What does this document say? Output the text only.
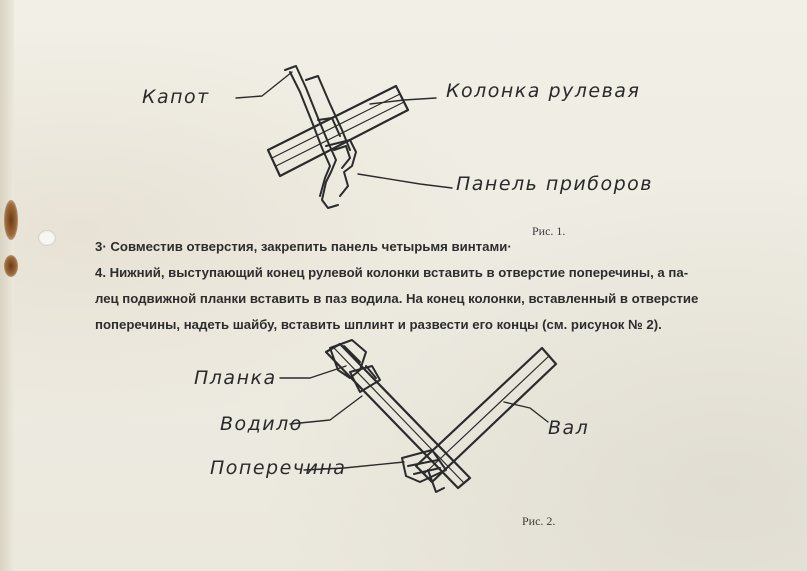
Капот	Колонка рулевая
Панель приборов
Планка
Водило
Поперечина
Вал
Рис. 1.
3· Совместив отверстия, закрепить панель четырьмя винтами·
4. Нижний, выступающий конец рулевой колонки вставить в отверстие поперечины, а па-
лец подвижной планки вставить в паз водила. На конец колонки, вставленный в отверстие
поперечины, надеть шайбу, вставить шплинт и развести его концы (см. рисунок № 2).
Рис. 2.
